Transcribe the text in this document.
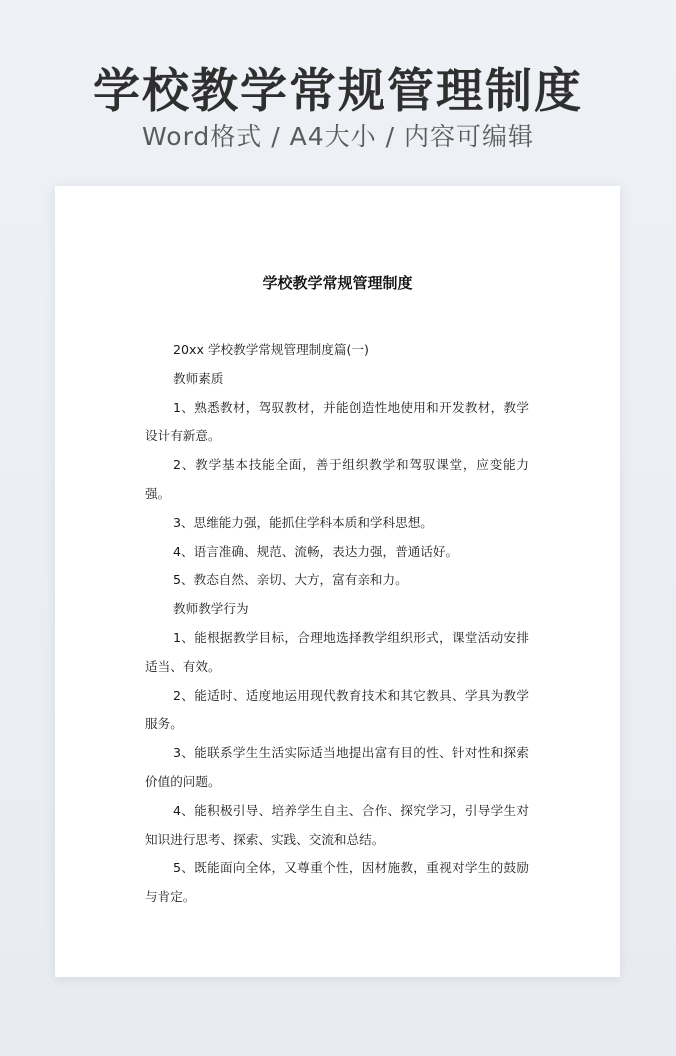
学校教学常规管理制度
Word格式 / A4大小 / 内容可编辑
学校教学常规管理制度

20xx 学校教学常规管理制度篇(一)

教师素质

1、熟悉教材，驾驭教材，并能创造性地使用和开发教材，教学设计有新意。

2、教学基本技能全面，善于组织教学和驾驭课堂，应变能力强。

3、思维能力强，能抓住学科本质和学科思想。

4、语言准确、规范、流畅，表达力强，普通话好。

5、教态自然、亲切、大方，富有亲和力。

教师教学行为

1、能根据教学目标，合理地选择教学组织形式，课堂活动安排适当、有效。

2、能适时、适度地运用现代教育技术和其它教具、学具为教学服务。

3、能联系学生生活实际适当地提出富有目的性、针对性和探索价值的问题。

4、能积极引导、培养学生自主、合作、探究学习，引导学生对知识进行思考、探索、实践、交流和总结。

5、既能面向全体，又尊重个性，因材施教，重视对学生的鼓励与肯定。
